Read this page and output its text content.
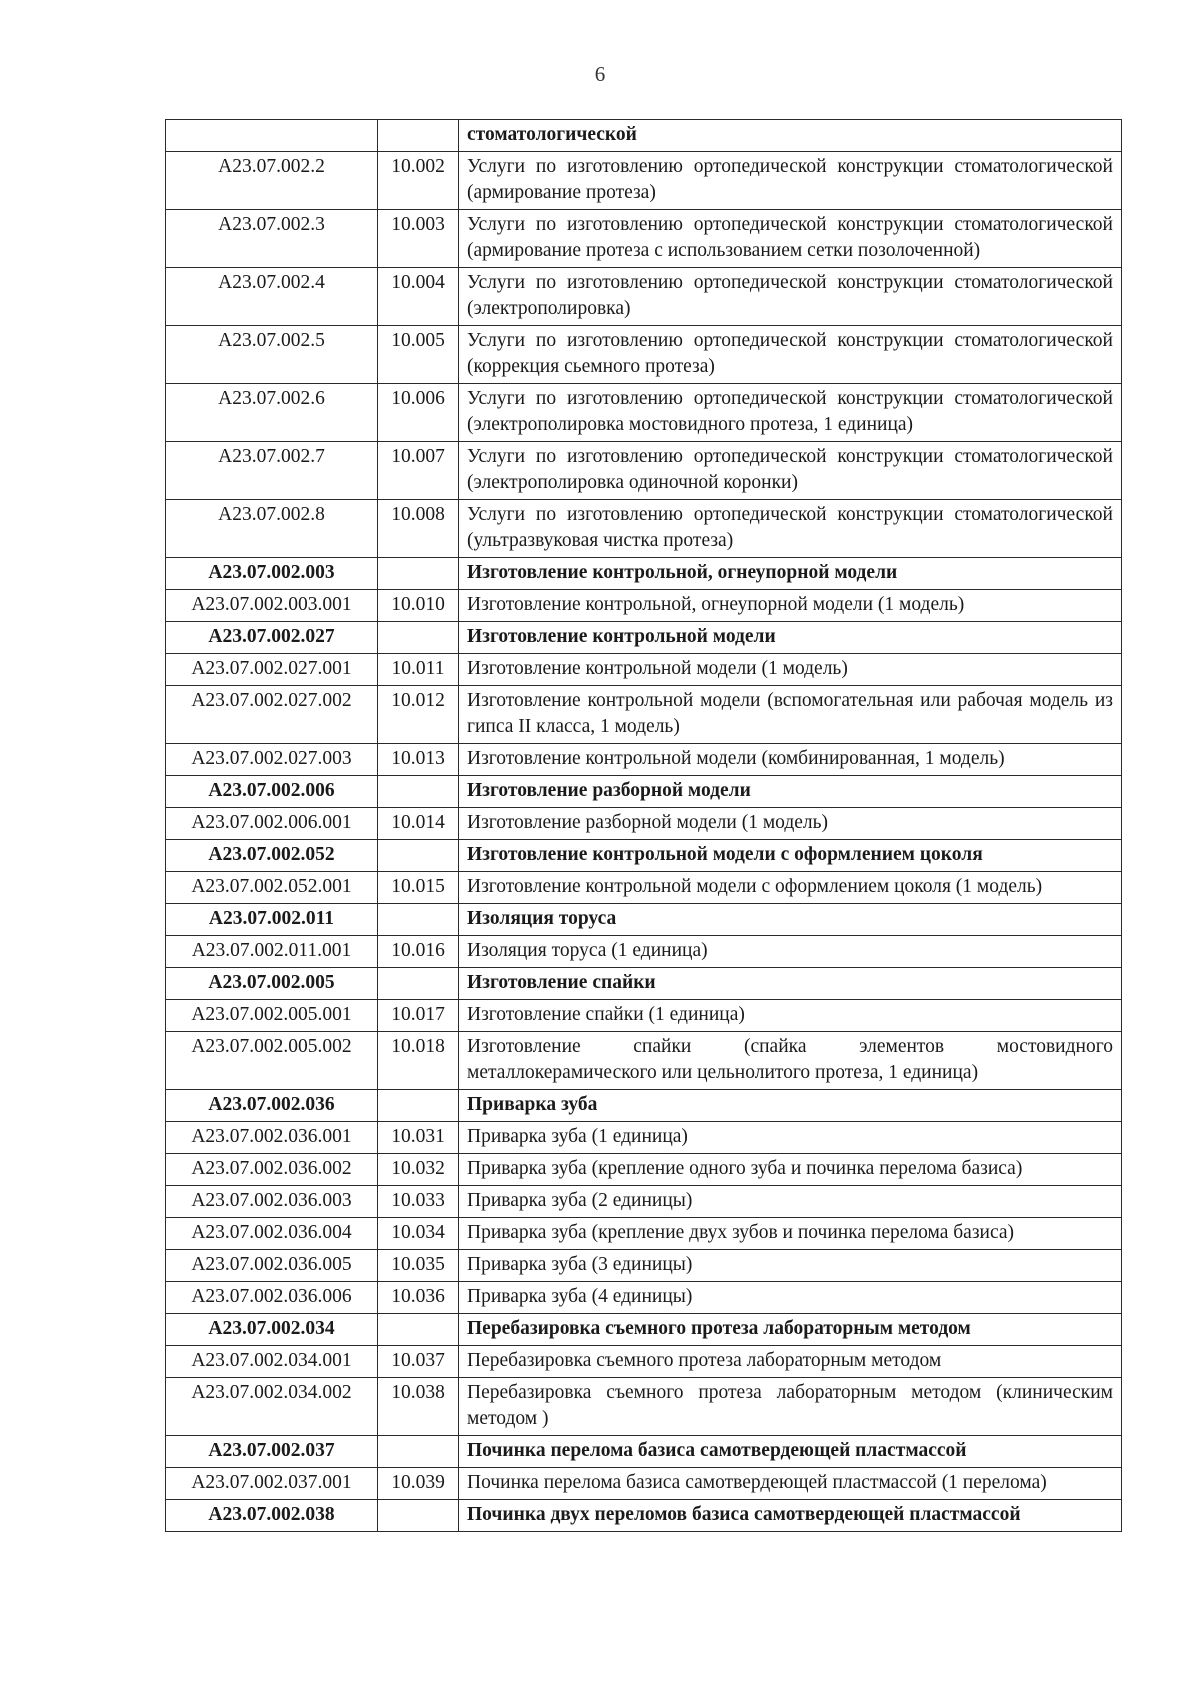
6
		стоматологической
A23.07.002.2	10.002	Услуги по изготовлению ортопедической конструкции стоматологической (армирование протеза)
A23.07.002.3	10.003	Услуги по изготовлению ортопедической конструкции стоматологической (армирование протеза с использованием сетки позолоченной)
A23.07.002.4	10.004	Услуги по изготовлению ортопедической конструкции стоматологической (электрополировка)
A23.07.002.5	10.005	Услуги по изготовлению ортопедической конструкции стоматологической (коррекция сьемного протеза)
A23.07.002.6	10.006	Услуги по изготовлению ортопедической конструкции стоматологической (электрополировка мостовидного протеза, 1 единица)
A23.07.002.7	10.007	Услуги по изготовлению ортопедической конструкции стоматологической (электрополировка одиночной коронки)
A23.07.002.8	10.008	Услуги по изготовлению ортопедической конструкции стоматологической (ультразвуковая чистка протеза)
A23.07.002.003		Изготовление контрольной, огнеупорной модели
A23.07.002.003.001	10.010	Изготовление контрольной, огнеупорной модели (1 модель)
A23.07.002.027		Изготовление контрольной модели
A23.07.002.027.001	10.011	Изготовление контрольной модели (1 модель)
A23.07.002.027.002	10.012	Изготовление контрольной модели (вспомогательная или рабочая модель из гипса II класса, 1 модель)
A23.07.002.027.003	10.013	Изготовление контрольной модели (комбинированная, 1 модель)
A23.07.002.006		Изготовление разборной модели
A23.07.002.006.001	10.014	Изготовление разборной модели (1 модель)
A23.07.002.052		Изготовление контрольной модели с оформлением цоколя
A23.07.002.052.001	10.015	Изготовление контрольной модели с оформлением цоколя (1 модель)
A23.07.002.011		Изоляция торуса
A23.07.002.011.001	10.016	Изоляция торуса (1 единица)
A23.07.002.005		Изготовление спайки
A23.07.002.005.001	10.017	Изготовление спайки (1 единица)
A23.07.002.005.002	10.018	Изготовление спайки (спайка элементов мостовидного металлокерамического или цельнолитого протеза, 1 единица)
A23.07.002.036		Приварка зуба
A23.07.002.036.001	10.031	Приварка зуба (1 единица)
A23.07.002.036.002	10.032	Приварка зуба (крепление одного зуба и починка перелома базиса)
A23.07.002.036.003	10.033	Приварка зуба (2 единицы)
A23.07.002.036.004	10.034	Приварка зуба (крепление двух зубов и починка перелома базиса)
A23.07.002.036.005	10.035	Приварка зуба (3 единицы)
A23.07.002.036.006	10.036	Приварка зуба (4 единицы)
A23.07.002.034		Перебазировка съемного протеза лабораторным методом
A23.07.002.034.001	10.037	Перебазировка съемного протеза лабораторным методом
A23.07.002.034.002	10.038	Перебазировка съемного протеза лабораторным методом (клиническим методом )
A23.07.002.037		Починка перелома базиса самотвердеющей пластмассой
A23.07.002.037.001	10.039	Починка перелома базиса самотвердеющей пластмассой (1 перелома)
A23.07.002.038		Починка двух переломов базиса самотвердеющей пластмассой
